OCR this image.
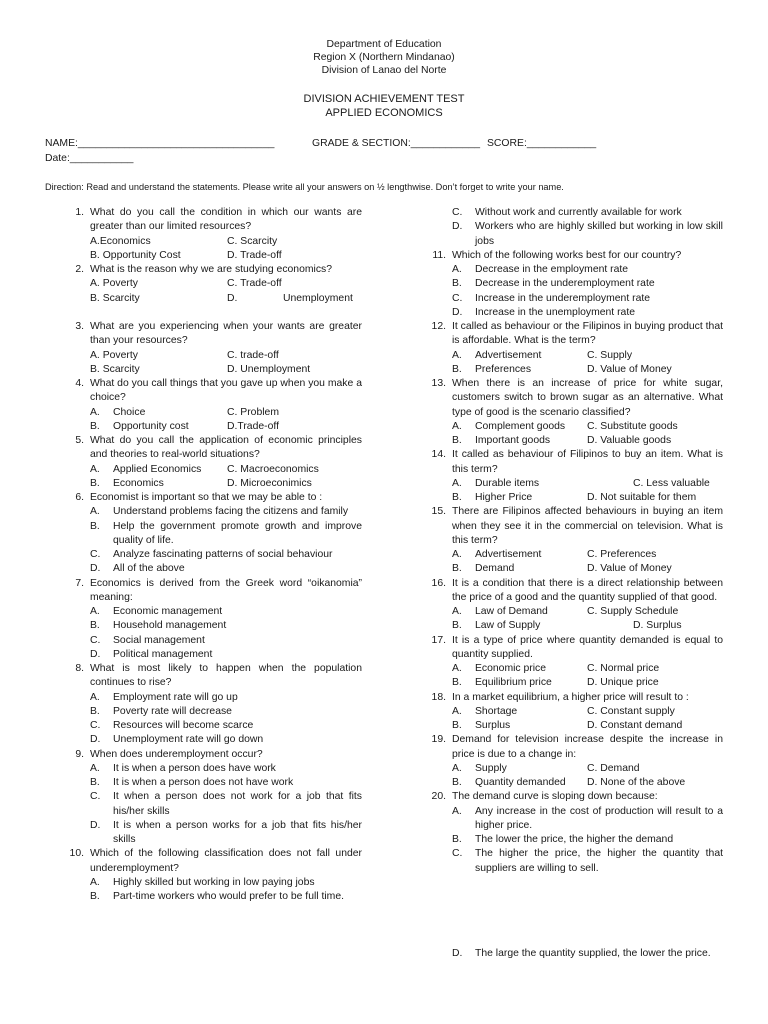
Department of Education
Region X (Northern Mindanao)
Division of Lanao del Norte
DIVISION ACHIEVEMENT TEST
APPLIED ECONOMICS
NAME:__________________________________	GRADE & SECTION:____________ SCORE:____________
Date:___________
Direction: Read and understand the statements. Please write all your answers on ½ lengthwise. Don’t forget to write your name.
1. What do you call the condition in which our wants are greater than our limited resources?
A.Economics	C. Scarcity
B. Opportunity Cost	D. Trade-off
2. What is the reason why we are studying economics?
A. Poverty	C. Trade-off
B. Scarcity	D.	Unemployment
3. What are you experiencing when your wants are greater than your resources?
A. Poverty	C. trade-off
B. Scarcity	D. Unemployment
4. What do you call things that you gave up when you make a choice?
A. Choice	C. Problem
B. Opportunity cost	D.Trade-off
5. What do you call the application of economic principles and theories to real-world situations?
A. Applied Economics C. Macroeconomics
B. Economics	D. Microeconimics
6. Economist is important so that we may be able to :
A. Understand problems facing the citizens and family
B. Help the government promote growth and improve quality of life.
C. Analyze fascinating patterns of social behaviour
D. All of the above
7. Economics is derived from the Greek word “oikanomia” meaning:
A. Economic management
B. Household management
C. Social management
D. Political management
8. What is most likely to happen when the population continues to rise?
A. Employment rate will go up
B. Poverty rate will decrease
C. Resources will become scarce
D. Unemployment rate will go down
9. When does underemployment occur?
A. It is when a person does have work
B. It is when a person does not have work
C. It when a person does not work for a job that fits his/her skills
D. It is when a person works for a job that fits his/her skills
10. Which of the following classification does not fall under underemployment?
A. Highly skilled but working in low paying jobs
B. Part-time workers who would prefer to be full time.
C. Without work and currently available for work
D. Workers who are highly skilled but working in low skill jobs
11. Which of the following works best for our country?
A. Decrease in the employment rate
B. Decrease in the underemployment rate
C. Increase in the underemployment rate
D. Increase in the unemployment rate
12. It called as behaviour or the Filipinos in buying product that is affordable. What is the term?
A. Advertisement	C. Supply
B. Preferences	D. Value of Money
13. When there is an increase of price for white sugar, customers switch to brown sugar as an alternative. What type of good is the scenario classified?
A. Complement goods C. Substitute goods
B. Important goods	D. Valuable goods
14. It called as behaviour of Filipinos to buy an item. What is this term?
A. Durable items	C. Less valuable
B. Higher Price	D. Not suitable for them
15. There are Filipinos affected behaviours in buying an item when they see it in the commercial on television. What is this term?
A. Advertisement	C. Preferences
B. Demand	D. Value of Money
16. It is a condition that there is a direct relationship between the price of a good and the quantity supplied of that good.
A. Law of Demand	C. Supply Schedule
B. Law of Supply	D. Surplus
17. It is a type of price where quantity demanded is equal to quantity supplied.
A. Economic price	C. Normal price
B. Equilibrium price	D. Unique price
18. In a market equilibrium, a higher price will result to :
A. Shortage	C. Constant supply
B. Surplus	D. Constant demand
19. Demand for television increase despite the increase in price is due to a change in:
A. Supply	C. Demand
B. Quantity demanded D. None of the above
20. The demand curve is sloping down because:
A. Any increase in the cost of production will result to a higher price.
B. The lower the price, the higher the demand
C. The higher the price, the higher the quantity that suppliers are willing to sell.
D. The large the quantity supplied, the lower the price.
